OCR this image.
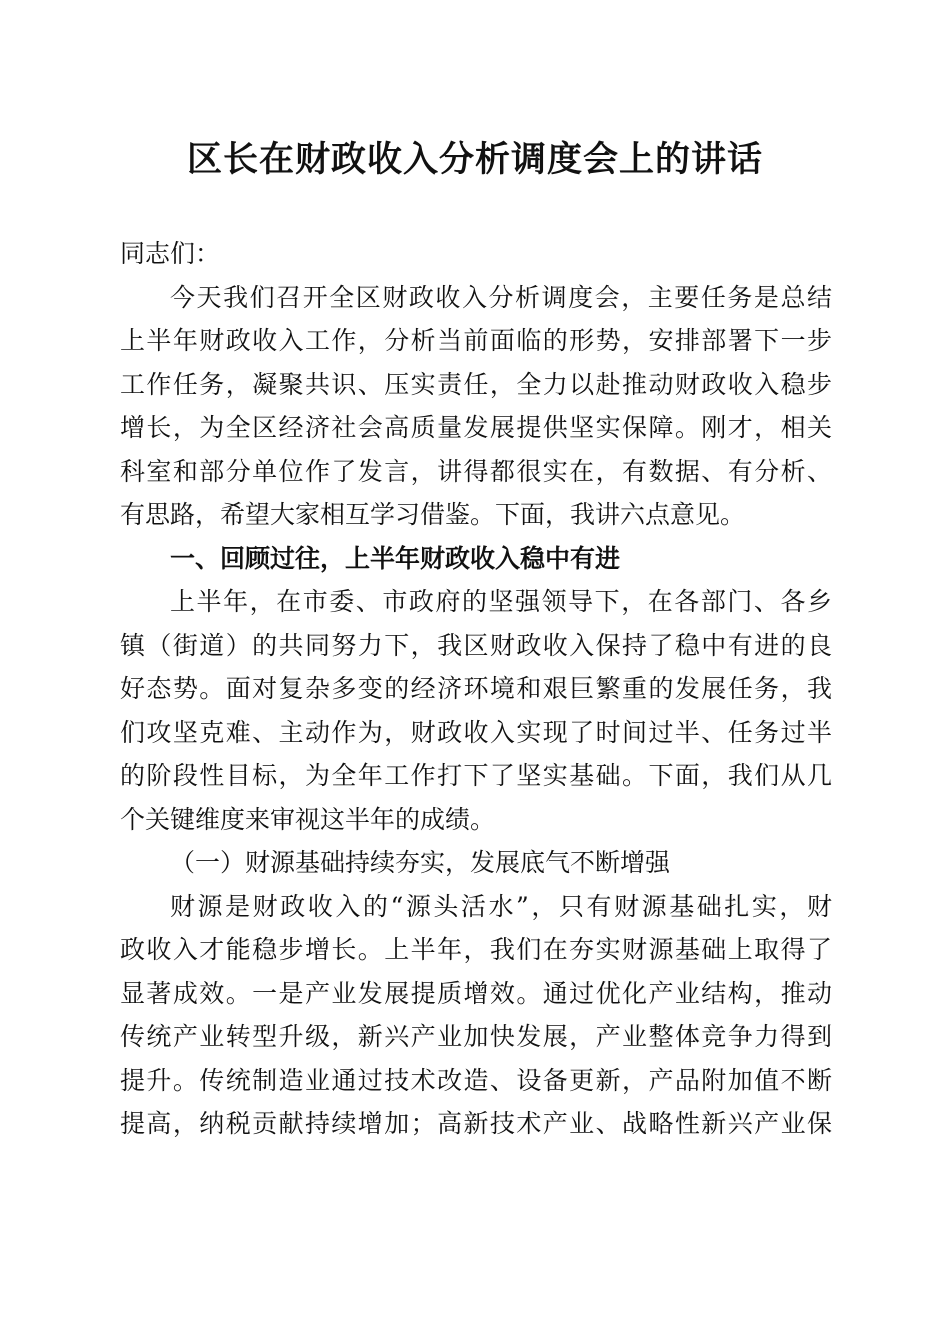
区长在财政收入分析调度会上的讲话
同志们：
今天我们召开全区财政收入分析调度会，主要任务是总结
上半年财政收入工作，分析当前面临的形势，安排部署下一步
工作任务，凝聚共识、压实责任，全力以赴推动财政收入稳步
增长，为全区经济社会高质量发展提供坚实保障。刚才，相关
科室和部分单位作了发言，讲得都很实在，有数据、有分析、
有思路，希望大家相互学习借鉴。下面，我讲六点意见。
一、回顾过往，上半年财政收入稳中有进
上半年，在市委、市政府的坚强领导下，在各部门、各乡
镇（街道）的共同努力下，我区财政收入保持了稳中有进的良
好态势。面对复杂多变的经济环境和艰巨繁重的发展任务，我
们攻坚克难、主动作为，财政收入实现了时间过半、任务过半
的阶段性目标，为全年工作打下了坚实基础。下面，我们从几
个关键维度来审视这半年的成绩。
（一）财源基础持续夯实，发展底气不断增强
财源是财政收入的“源头活水”，只有财源基础扎实，财
政收入才能稳步增长。上半年，我们在夯实财源基础上取得了
显著成效。一是产业发展提质增效。通过优化产业结构，推动
传统产业转型升级，新兴产业加快发展，产业整体竞争力得到
提升。传统制造业通过技术改造、设备更新，产品附加值不断
提高，纳税贡献持续增加；高新技术产业、战略性新兴产业保
